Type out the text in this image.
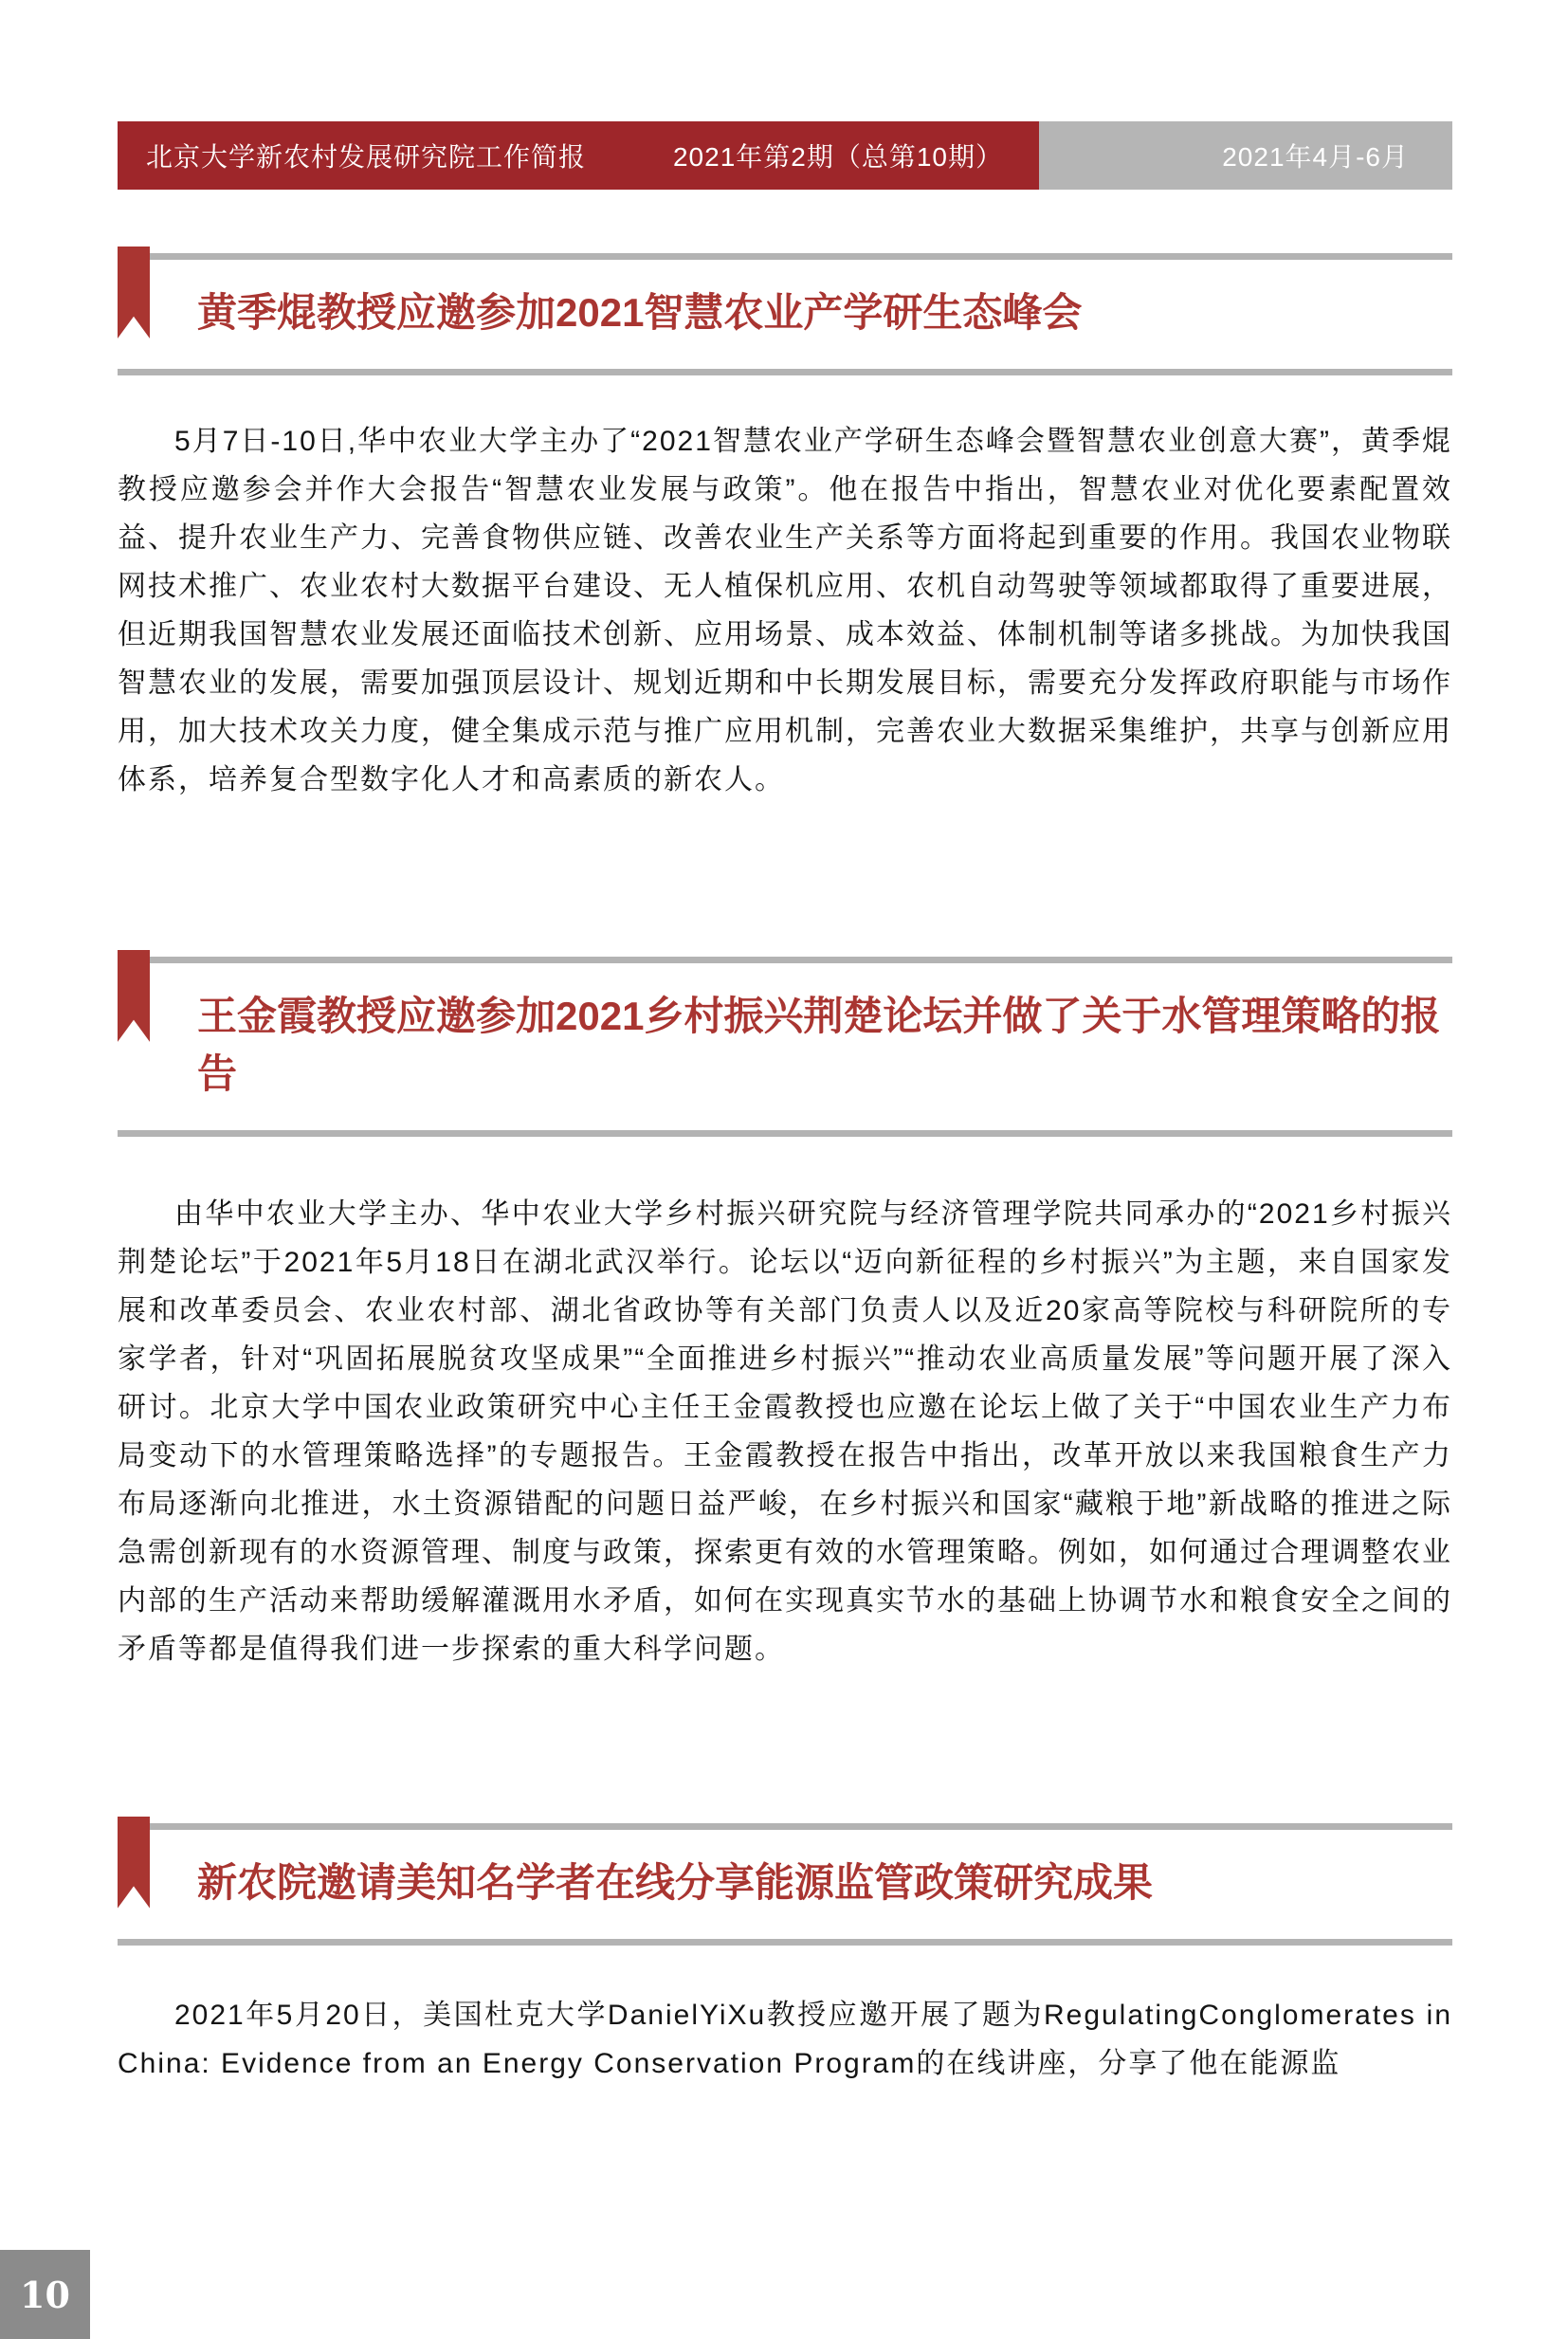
北京大学新农村发展研究院工作简报	2021年第2期（总第10期）	2021年4月-6月
黄季焜教授应邀参加2021智慧农业产学研生态峰会

5月7日-10日,华中农业大学主办了“2021智慧农业产学研生态峰会暨智慧农业创意大赛”，黄季焜教授应邀参会并作大会报告“智慧农业发展与政策”。他在报告中指出，智慧农业对优化要素配置效益、提升农业生产力、完善食物供应链、改善农业生产关系等方面将起到重要的作用。我国农业物联网技术推广、农业农村大数据平台建设、无人植保机应用、农机自动驾驶等领域都取得了重要进展，但近期我国智慧农业发展还面临技术创新、应用场景、成本效益、体制机制等诸多挑战。为加快我国智慧农业的发展，需要加强顶层设计、规划近期和中长期发展目标，需要充分发挥政府职能与市场作用，加大技术攻关力度，健全集成示范与推广应用机制，完善农业大数据采集维护，共享与创新应用体系，培养复合型数字化人才和高素质的新农人。

王金霞教授应邀参加2021乡村振兴荆楚论坛并做了关于水管理策略的报告

由华中农业大学主办、华中农业大学乡村振兴研究院与经济管理学院共同承办的“2021乡村振兴荆楚论坛”于2021年5月18日在湖北武汉举行。论坛以“迈向新征程的乡村振兴”为主题，来自国家发展和改革委员会、农业农村部、湖北省政协等有关部门负责人以及近20家高等院校与科研院所的专家学者，针对“巩固拓展脱贫攻坚成果”“全面推进乡村振兴”“推动农业高质量发展”等问题开展了深入研讨。北京大学中国农业政策研究中心主任王金霞教授也应邀在论坛上做了关于“中国农业生产力布局变动下的水管理策略选择”的专题报告。王金霞教授在报告中指出，改革开放以来我国粮食生产力布局逐渐向北推进，水土资源错配的问题日益严峻，在乡村振兴和国家“藏粮于地”新战略的推进之际急需创新现有的水资源管理、制度与政策，探索更有效的水管理策略。例如，如何通过合理调整农业内部的生产活动来帮助缓解灌溉用水矛盾，如何在实现真实节水的基础上协调节水和粮食安全之间的矛盾等都是值得我们进一步探索的重大科学问题。

新农院邀请美知名学者在线分享能源监管政策研究成果

2021年5月20日，美国杜克大学DanielYiXu教授应邀开展了题为RegulatingConglomerates in China: Evidence from an Energy Conservation Program的在线讲座，分享了他在能源监

10
